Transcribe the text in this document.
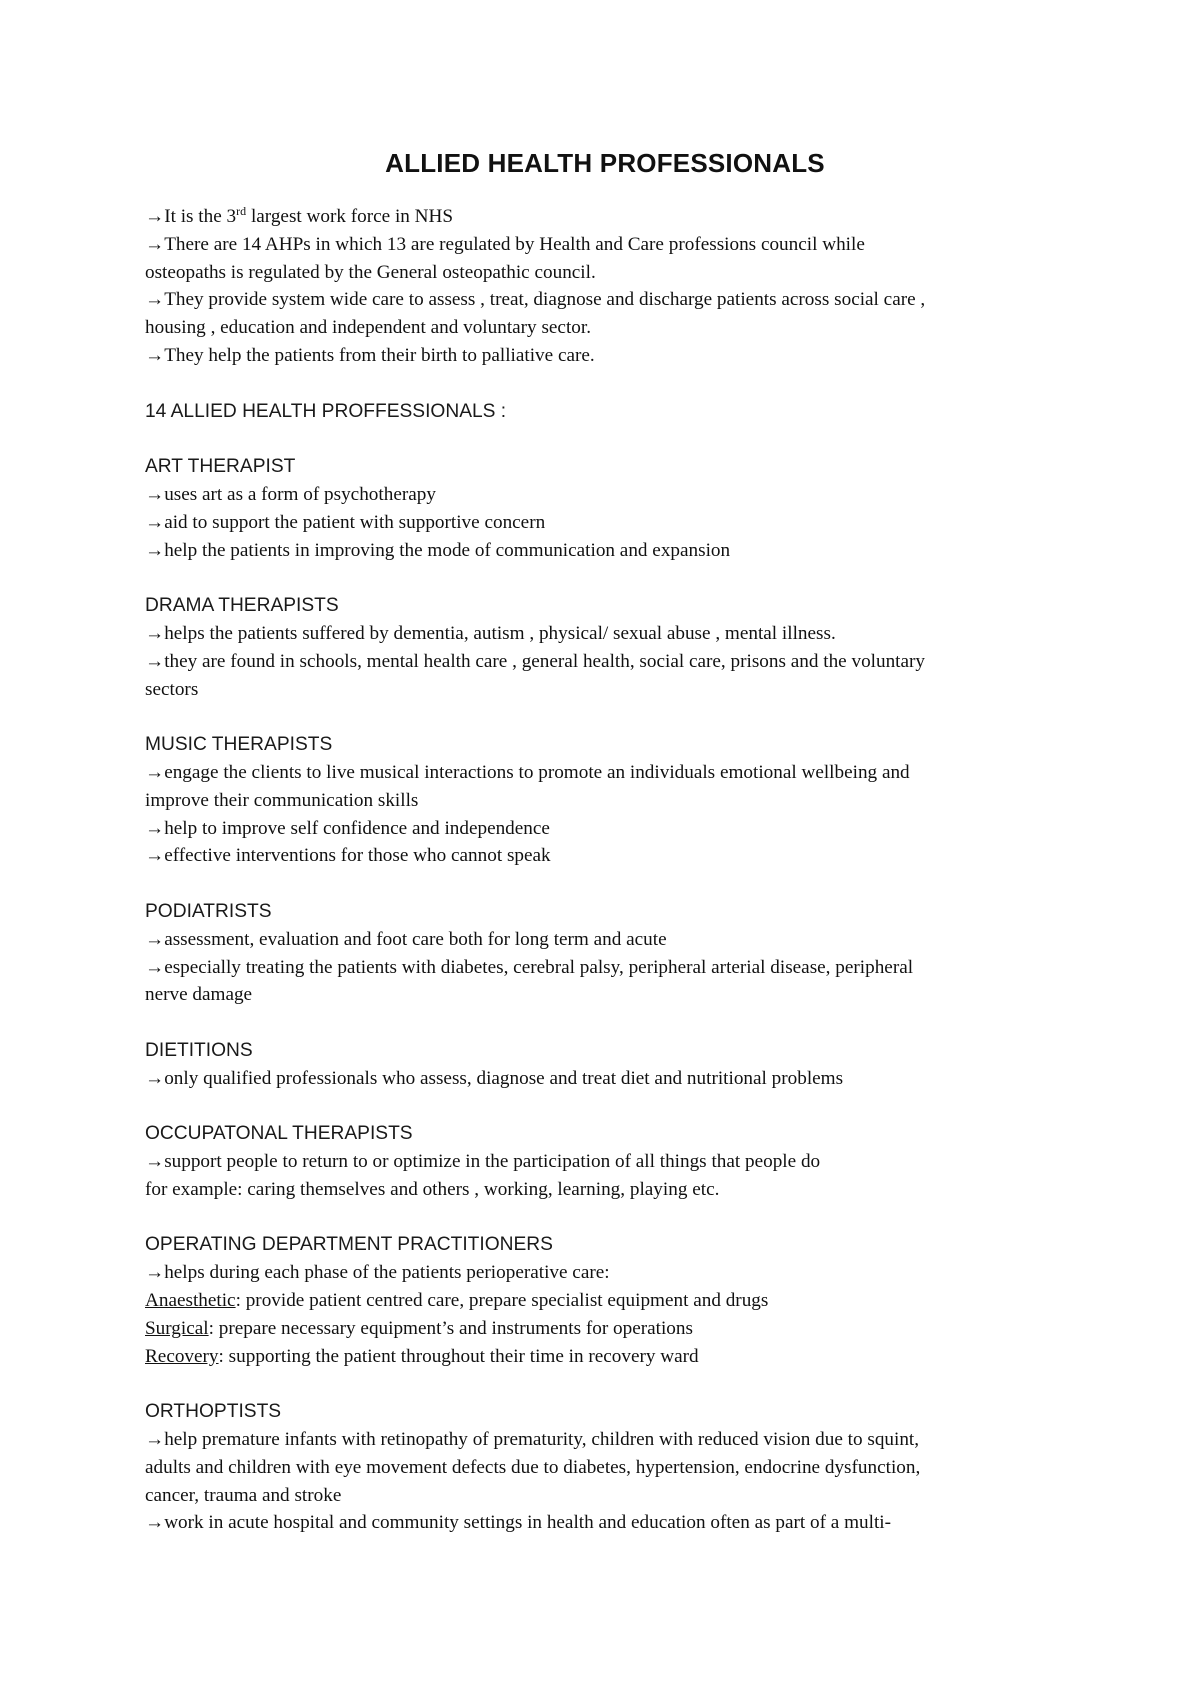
ALLIED HEALTH PROFESSIONALS

→It is the 3rd largest work force in NHS

→There are 14 AHPs in which 13 are regulated by Health and Care professions council while

osteopaths is regulated by the General osteopathic council.

→They provide system wide care to assess , treat, diagnose and discharge patients across social care ,

housing , education and independent and voluntary sector.

→They help the patients from their birth to palliative care.

14 ALLIED HEALTH PROFFESSIONALS :

ART THERAPIST

→uses art as a form of psychotherapy

→aid to support the patient with supportive concern

→help the patients in improving the mode of communication and expansion

DRAMA THERAPISTS

→helps the patients suffered by dementia, autism , physical/ sexual abuse , mental illness.

→they are found in schools, mental health care , general health, social care, prisons and the voluntary

sectors

MUSIC THERAPISTS

→engage the clients to live musical interactions to promote an individuals emotional wellbeing and

improve their communication skills

→help to improve self confidence and independence

→effective interventions for those who cannot speak

PODIATRISTS

→assessment, evaluation and foot care both for long term and acute

→especially treating the patients with diabetes, cerebral palsy, peripheral arterial disease, peripheral

nerve damage

DIETITIONS

→only qualified professionals who assess, diagnose and treat diet and nutritional problems

OCCUPATONAL THERAPISTS

→support people to return to or optimize in the participation of all things that people do

for example: caring themselves and others , working, learning, playing etc.

OPERATING DEPARTMENT PRACTITIONERS

→helps during each phase of the patients perioperative care:

Anaesthetic: provide patient centred care, prepare specialist equipment and drugs

Surgical: prepare necessary equipment’s and instruments for operations

Recovery: supporting the patient throughout their time in recovery ward

ORTHOPTISTS

→help premature infants with retinopathy of prematurity, children with reduced vision due to squint,

adults and children with eye movement defects due to diabetes, hypertension, endocrine dysfunction,

cancer, trauma and stroke

→work in acute hospital and community settings in health and education often as part of a multi-
